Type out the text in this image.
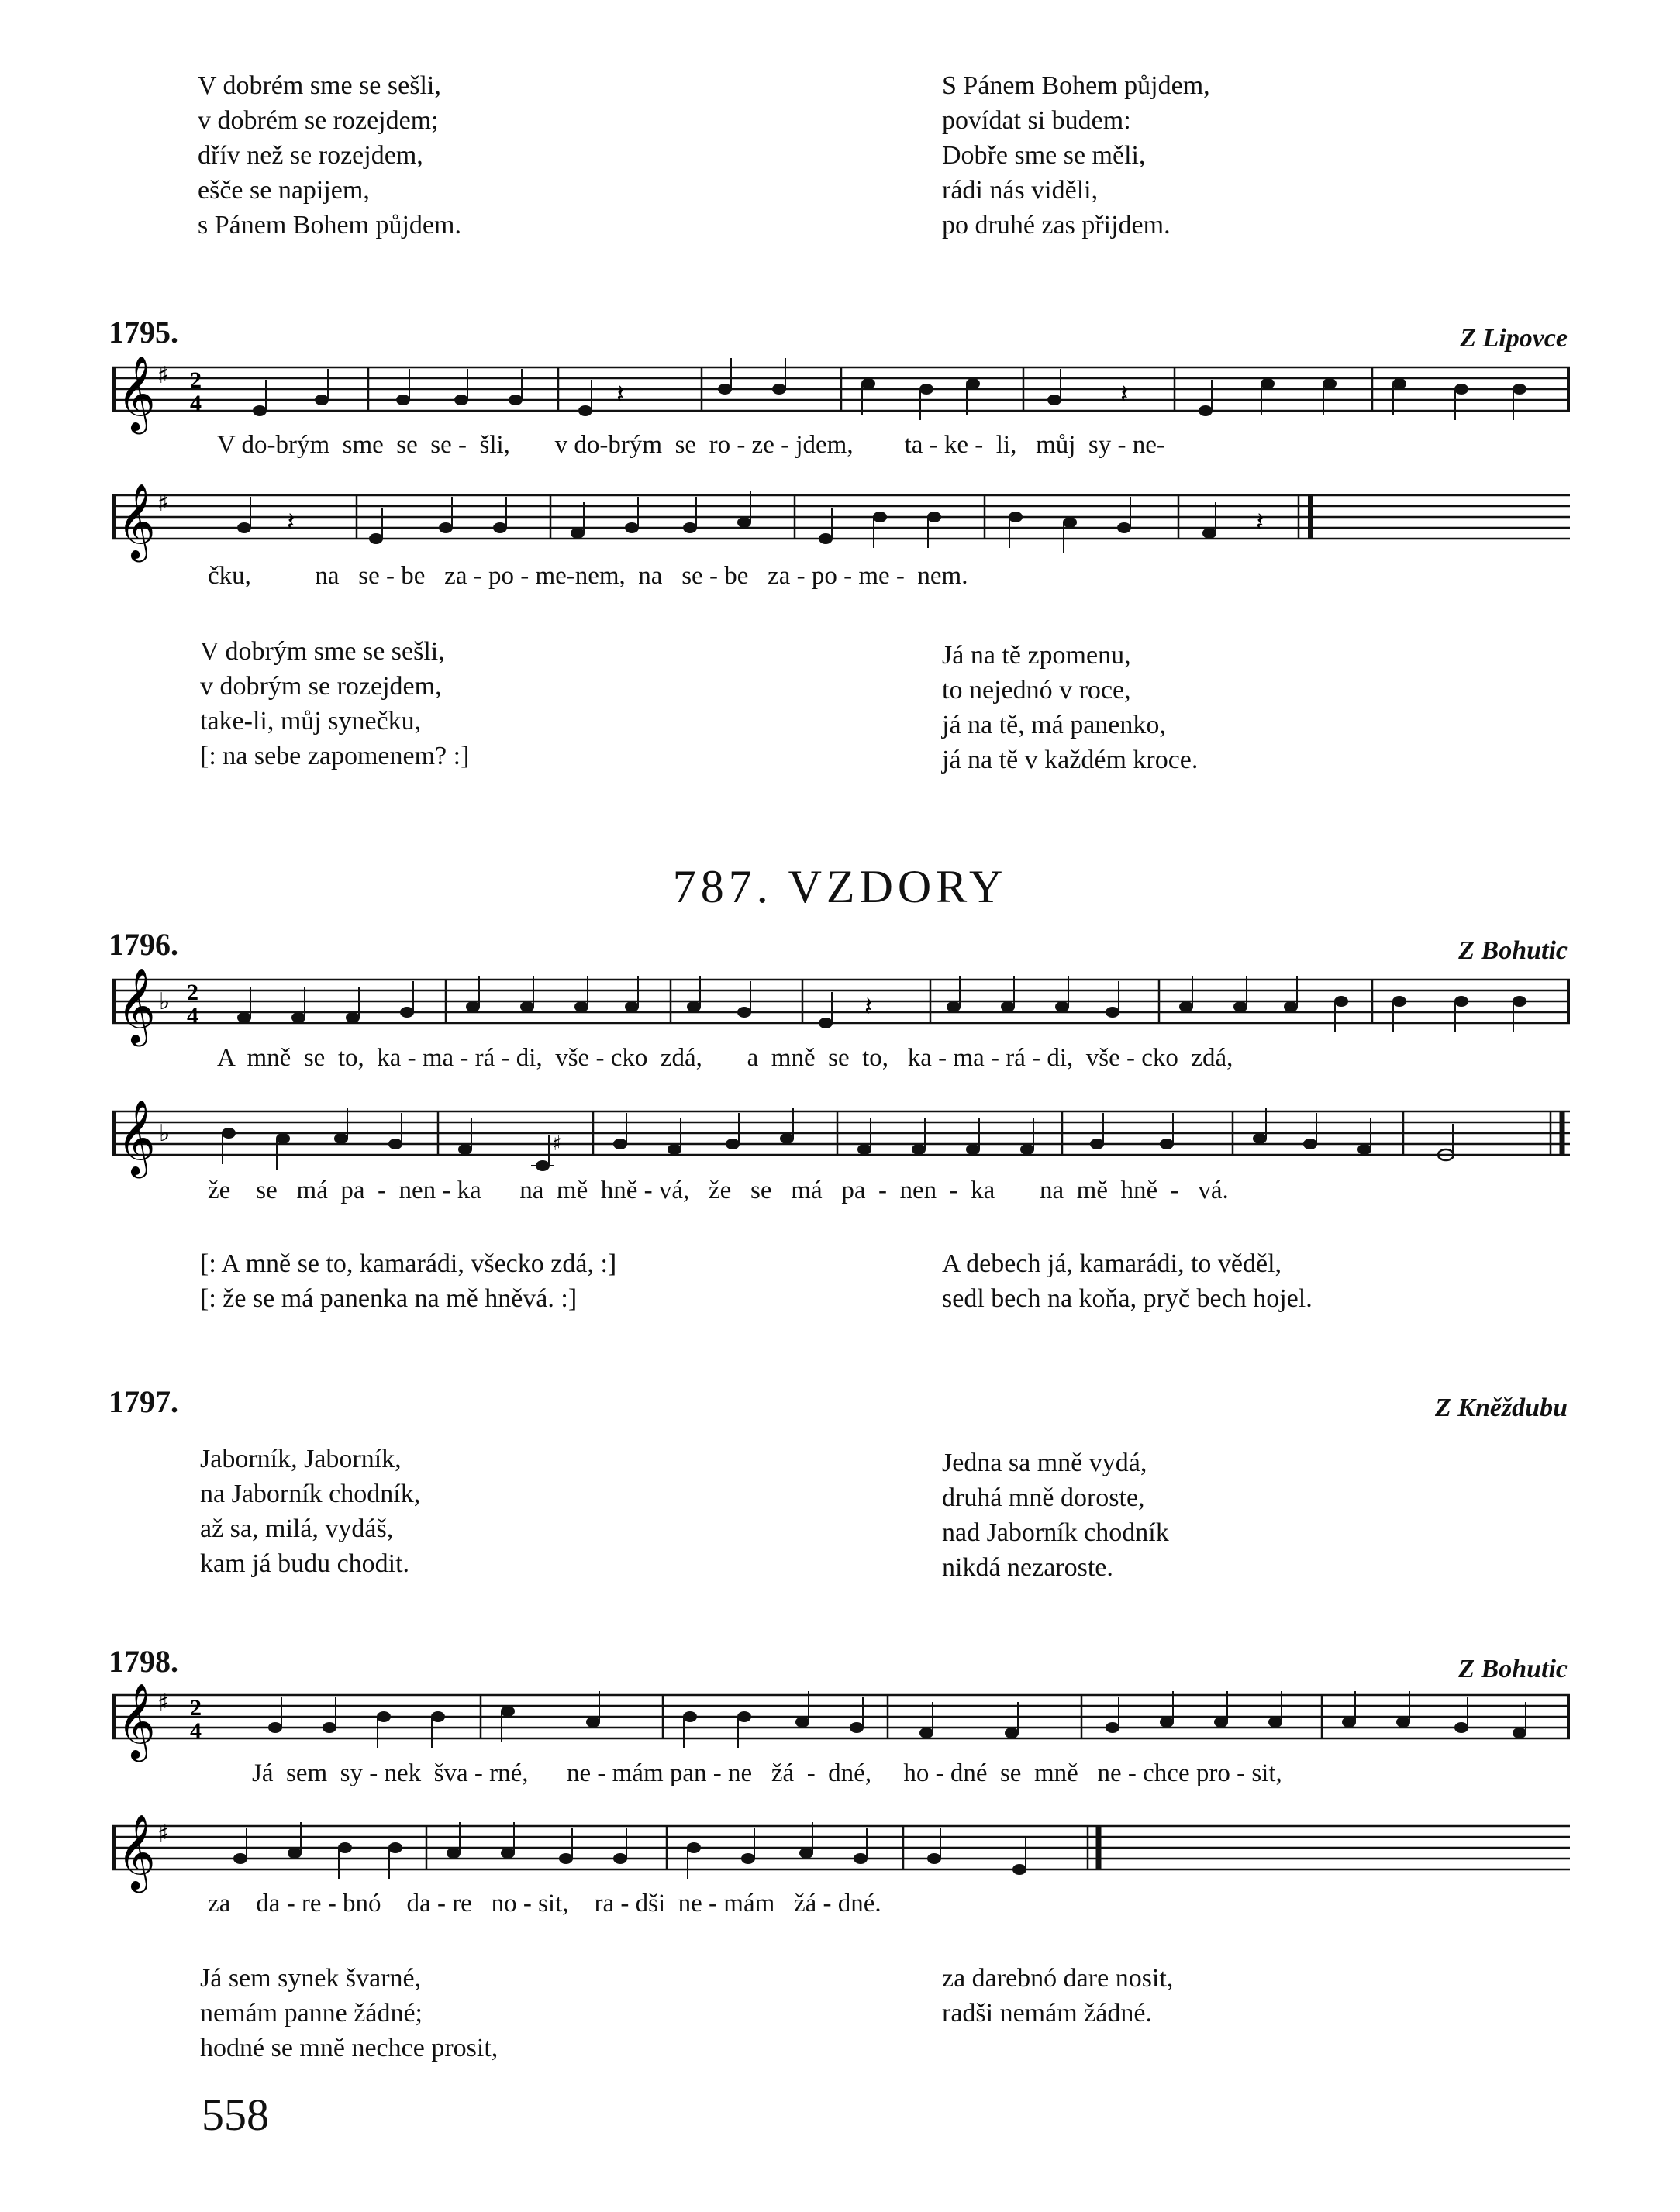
V dobrém sme se sešli,
v dobrém se rozejdem;
dřív než se rozejdem,
ešče se napijem,
s Pánem Bohem půjdem.
S Pánem Bohem půjdem,
povídat si budem:
Dobře sme se měli,
rádi nás viděli,
po druhé zas přijdem.
1795.	Z Lipovce
𝄞 ♯ 2
4	𝄽	𝄽
V do-brým  sme  se  se -  šli,       v do-brým  se  ro - ze - jdem,        ta - ke -  li,   můj  sy - ne-
𝄞 ♯
𝄽	𝄽
čku,          na   se - be   za - po - me-nem,  na   se - be   za - po - me -  nem.
V dobrým sme se sešli,
v dobrým se rozejdem,
take-li, můj synečku,
[: na sebe zapomenem? :]
Já na tě zpomenu,
to nejednó v roce,
já na tě, má panenko,
já na tě v každém kroce.
787. VZDORY
1796.	Z Bohutic
𝄞 ♭ 2
4	𝄽
A  mně  se  to,  ka - ma - rá - di,  vše - cko  zdá,       a  mně  se  to,   ka - ma - rá - di,  vše - cko  zdá,
𝄞 ♭	♯
že    se   má  pa  -  nen - ka      na  mě  hně - vá,   že   se   má   pa  -  nen  -  ka       na  mě  hně  -   vá.
[: A mně se to, kamarádi, všecko zdá, :]
[: že se má panenka na mě hněvá. :]
A debech já, kamarádi, to věděl,
sedl bech na koňa, pryč bech hojel.
1797.	Z Kněždubu
Jaborník, Jaborník,
na Jaborník chodník,
až sa, milá, vydáš,
kam já budu chodit.
Jedna sa mně vydá,
druhá mně doroste,
nad Jaborník chodník
nikdá nezaroste.
1798.	Z Bohutic
𝄞 ♯ 2
4
Já  sem  sy - nek  šva - rné,      ne - mám pan - ne   žá  -  dné,     ho - dné  se  mně   ne - chce pro - sit,
𝄞 ♯
za    da - re - bnó    da - re   no - sit,    ra - dši  ne - mám   žá - dné.
Já sem synek švarné,
nemám panne žádné;
hodné se mně nechce prosit,
za darebnó dare nosit,
radši nemám žádné.
558
